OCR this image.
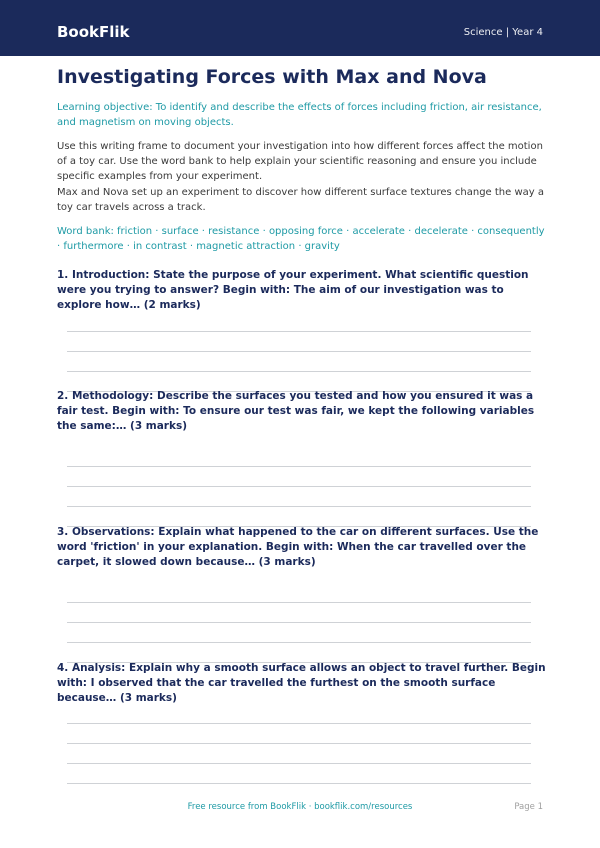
BookFlik	Science | Year 4
Investigating Forces with Max and Nova
Learning objective: To identify and describe the effects of forces including friction, air resistance, and magnetism on moving objects.
Use this writing frame to document your investigation into how different forces affect the motion of a toy car. Use the word bank to help explain your scientific reasoning and ensure you include specific examples from your experiment.
Max and Nova set up an experiment to discover how different surface textures change the way a toy car travels across a track.
Word bank: friction · surface · resistance · opposing force · accelerate · decelerate · consequently · furthermore · in contrast · magnetic attraction · gravity
1. Introduction: State the purpose of your experiment. What scientific question were you trying to answer? Begin with: The aim of our investigation was to explore how… (2 marks)
2. Methodology: Describe the surfaces you tested and how you ensured it was a fair test. Begin with: To ensure our test was fair, we kept the following variables the same:… (3 marks)
3. Observations: Explain what happened to the car on different surfaces. Use the word 'friction' in your explanation. Begin with: When the car travelled over the carpet, it slowed down because… (3 marks)
4. Analysis: Explain why a smooth surface allows an object to travel further. Begin with: I observed that the car travelled the furthest on the smooth surface because… (3 marks)
Free resource from BookFlik · bookflik.com/resources	Page 1
